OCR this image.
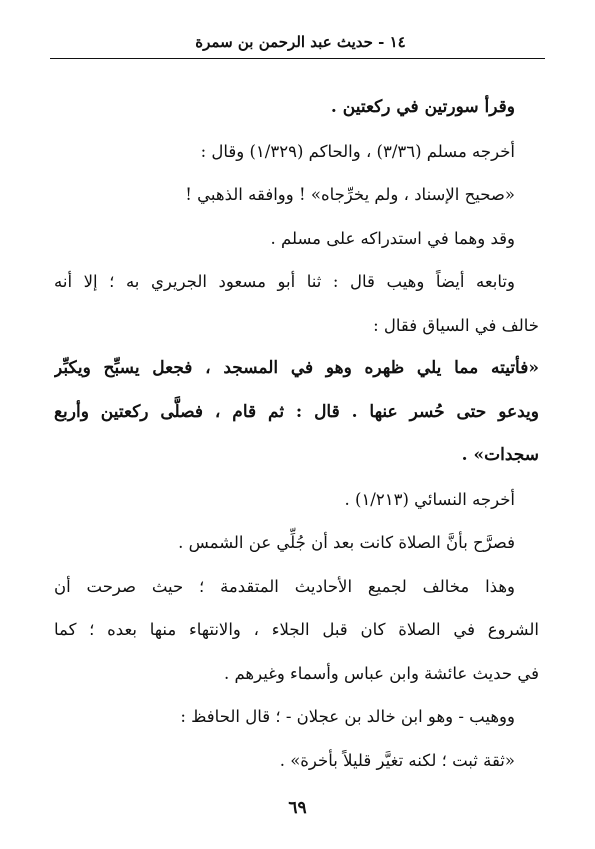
١٤ - حديث عبد الرحمن بن سمرة
وقرأ سورتين في ركعتين .
أخرجه مسلم (٣/٣٦) ، والحاكم (١/٣٢٩) وقال :
«صحيح الإسناد ، ولم يخرِّجاه» ! ووافقه الذهبي !
وقد وهما في استدراكه على مسلم .
وتابعه أيضاً وهيب قال : ثنا أبو مسعود الجريري به ؛ إلا أنه
خالف في السياق فقال :
«فأتيته مما يلي ظهره وهو في المسجد ، فجعل يسبِّح ويكبِّر
ويدعو حتى حُسر عنها . قال : ثم قام ، فصلَّى ركعتين وأربع
سجدات» .
أخرجه النسائي (١/٢١٣) .
فصرَّح بأنَّ الصلاة كانت بعد أن جُلِّي عن الشمس .
وهذا مخالف لجميع الأحاديث المتقدمة ؛ حيث صرحت أن
الشروع في الصلاة كان قبل الجلاء ، والانتهاء منها بعده ؛ كما
في حديث عائشة وابن عباس وأسماء وغيرهم .
ووهيب - وهو ابن خالد بن عجلان - ؛ قال الحافظ :
«ثقة ثبت ؛ لكنه تغيَّر قليلاً بأخرة» .
٦٩
